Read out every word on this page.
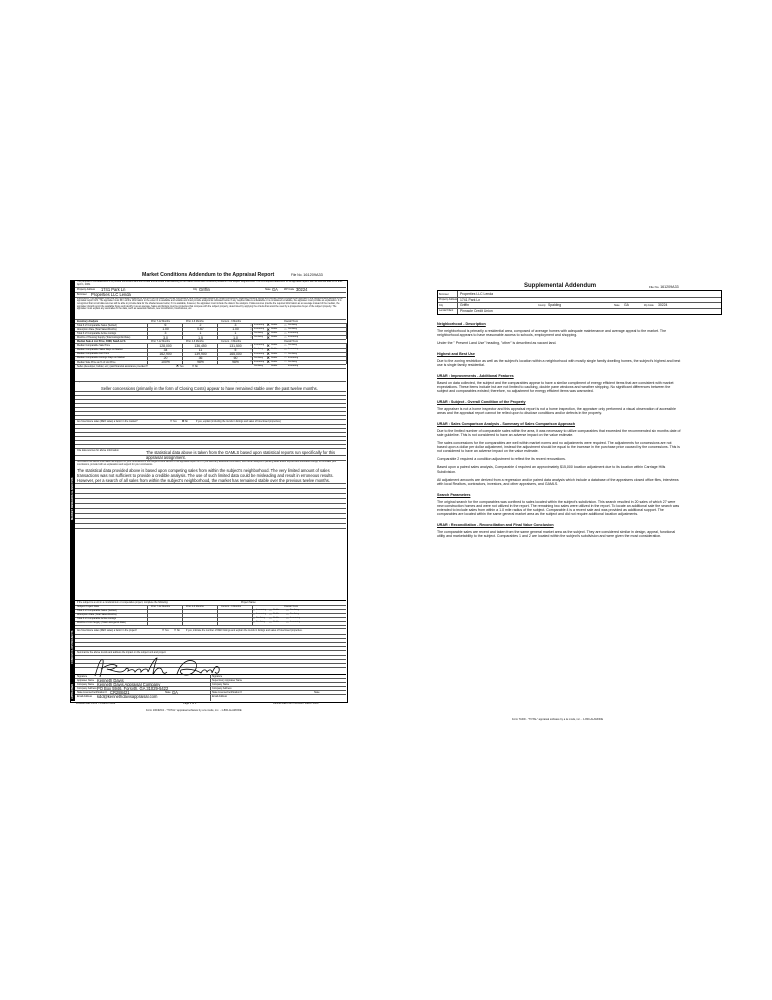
Market Conditions Addendum to the Appraisal Report	File No. 161209A33
MARKET RESEARCH & ANALYSIS
CONDO/CO-OP PROJECTS
APPRAISER
The purpose of this addendum is to provide the lender/client with a clear and accurate understanding of the market trends and conditions prevalent in the subject neighborhood. This is a required addendum for all appraisal reports with an effective date on or after April 1, 2009.
Property Address 1741 Park Ln	City Griffin	State GA	ZIP Code 30224
Borrower Properties LLC Lenda
Instructions: The appraiser must use the information required on this form as the basis for his/her conclusions, and must provide support for those conclusions, regarding housing trends and overall market conditions as reported in the Neighborhood section of the appraisal report form. The appraiser must fill in all the information to the extent it is available and reliable and must provide analysis as indicated below. If any required data is unavailable or is considered unreliable, the appraiser must provide an explanation. It is recognized that not all data sources will be able to provide data for the shaded areas below; if it is available, however, the appraiser must include the data in the analysis. If data sources provide the required information as an average instead of the median, the appraiser should report the available figure and identify it as an average. Sales and listings must be properties that compete with the subject property, determined by applying the criteria that would be used by a prospective buyer of the subject property. The appraiser must explain any anomalies in the data, such as seasonal markets, new construction, foreclosures, etc.
Explain in detail the seller concessions trends for the past 12 months (e.g., seller contributions increased from 3% to 5%, increasing use of buydowns, closing costs, condo fees, options, etc.).
Seller concessions (primarily in the form of Closing Costs) appear to have remained stable over the past twelve months.
Are foreclosure sales (REO sales) a factor in the market?	☐ Yes ☒ No	If yes, explain (including the trends in listings and sales of foreclosed properties).
Cite data sources for above information.	The statistical data above is taken from the GAMLS based upon statistical reports run specifically for this appraisal assignment.
Summarize the above information as support for your conclusions in the Neighborhood section of the appraisal report form. If you used any additional information, such as an analysis of pending sales and/or expired and withdrawn listings, to formulate your conclusions, provide both an explanation and support for your conclusions.
The statistical data provided above is based upon competing sales from within the subject's neighborhood. The very limited amount of sales transactions was not sufficient to provide a credible analysis. The use of such limited data could be misleading and result in erroneous results. However, per a search of all sales from within the subject's neighborhood, the market has remained stable over the previous twelve months.
If the subject is a unit in a condominium or cooperative project, complete the following:	Project Name:
Are foreclosure sales (REO sales) a factor in the project?	☐ Yes ☐ No	If yes, indicate the number of REO listings and explain the trends in listings and sales of foreclosed properties.
Summarize the above trends and address the impact on the subject unit and project.
Signature
Appraiser Name Kenneth Davis
Company Name Kenneth Davis Appraisal Company
Company Address PO Box 5946, Forsyth, GA 31029-5422
State License/Certification # CR288421	State GA
Email Address kdd@kennethdavisappraisal.com
Signature
Supervisory Appraiser Name
Company Name
Company Address
State License/Certification #	State
Email Address
Freddie Mac Form 71 March 2009	Page 1 of 1	Fannie Mae Form 1004MC March 2009
Form 1004MC2 - "TOTAL" appraisal software by a la mode, inc. - 1-800-ALAMODE
Inventory Analysis	Prior 7-12 Months	Prior 4-6 Months	Current - 3 Months	Overall Trend
Total # of Comparable Sales (Settled)	6	2	3	Increasing
☐	Stable
✕	Declining
☐
Absorption Rate (Total Sales/Months)	1.00	0.67	1.00	Increasing
☐	Stable
✕	Declining
☐
Total # of Comparable Active Listings	3	1	1	Declining
☐	Stable
✕	Increasing
☐
Months of Housing Supply (Total Listings/Ab.Rate)	3.0	1.5	1.0	Declining
☐	Stable
✕	Increasing
☐
Median Sale & List Price, DOM, Sale/List %	Prior 7-12 Months	Prior 4-6 Months	Current - 3 Months	Overall Trend
Median Comparable Sale Price	128,000	136,450	131,500	Increasing
☐	Stable
✕	Declining
☐
Median Comparable Sales Days on Market	34	11	5	Declining
☐	Stable
✕	Increasing
☐
Median Comparable List Price	162,900	139,900	165,000	Increasing
☐	Stable
✕	Declining
☐
Median Comparable Listings Days on Market	20	36	60	Declining
☐	Stable
✕	Increasing
☐
Median Sale Price as % of List Price	100%	98%	98%	Increasing
☐	Stable
✕	Declining
☐
Seller-(developer, builder, etc.) paid financial assistance prevalent?	✕ Yes	☐ No	Declining	Stable	Increasing
Subject Project Data	Prior 7-12 Months	Prior 4-6 Months	Current - 3 Months	Overall Trend
Total # of Comparable Sales (Settled)	Increasing
☐	Stable
☐	Declining
☐
Absorption Rate (Total Sales/Months)	Increasing
☐	Stable
☐	Declining
☐
Total # of Comparable Active Listings	Declining
☐	Stable
☐	Increasing
☐
Months of Unit Supply (Total Listings/Ab.Rate)	Declining
☐	Stable
☐	Increasing
☐
Supplemental Addendum	File No. 161209A33
Borrower	Properties LLC Lenda
Property Address 1741 Park Ln
City	Griffin	County Spalding	State GA	Zip Code 30224
Lender/Client Pinnacle Credit Union
Form TADD - "TOTAL" appraisal software by a la mode, inc. - 1-800-ALAMODE
Neighborhood - Description
The neighborhood is primarily a residential area, composed of average homes with adequate maintenance and average appeal to the market. The neighborhood appears to have reasonable access to schools, employment and shopping.
Under the " Present Land Use" heading, "other" is described as vacant land.
Highest and Best Use
Due to the zoning restriction as well as the subject's location within a neighborhood with mostly single family dwelling homes, the subject's highest and best use is single family residential.
URAR : Improvements - Additional Features
Based on data collected, the subject and the comparables appear to have a similar compliment of energy efficient items that are consistent with market expectations. These items include but are not limited to caulking, double pane windows and weather stripping. No significant differences between the subject and comparables existed; therefore, no adjustment for energy efficient items was warranted.
URAR : Subject - Overall Condition of the Property
The appraiser is not a home inspector and this appraisal report is not a home inspection, the appraiser only performed a visual observation of accessible areas and the appraisal report cannot be relied upon to disclose conditions and/or defects in the property.
URAR : Sales Comparison Analysis - Summary of Sales Comparison Approach
Due to the limited number of comparable sales within the area, it was necessary to utilize comparables that exceeded the recommended six months date of sale guideline. This is not considered to have an adverse impact on the value estimate.
The sales concessions for the comparables are well within market norms and no adjustments were required. The adjustments for concessions are not based upon a dollar per dollar adjustment, instead the adjustment should be equal to the increase in the purchase price caused by the concessions. This is not considered to have an adverse impact on the value estimate.
Comparable 2 required a condition adjustment to reflect the its recent renovations.
Based upon a paired sales analysis, Comparable 4 required an approximately $15,000 location adjustment due to its location within Carriage Hills Subdivision.
All adjustment amounts are derived from a regression and/or paired data analysis which include a database of the appraisers closed office files, interviews with local Realtors, contractors, investors, and other appraisers, and GAMLS.
Search Parameters
The original search for the comparables was confined to sales located within the subject's subdivision. This search resulted in 20 sales of which 27 were new construction homes and were not utilized in the report. The remaining two sales were utilized in the report. To locate an additional sale the search was extended to include sales from within a 1.0 mile radius of the subject. Comparable 4 is a recent sale and was provided as additional support. The comparables are located within the same general market area as the subject and did not require additional location adjustments.
URAR : Reconciliation - Reconciliation and Final Value Conclusion
The comparable sales are recent and taken from the same general market area as the subject. They are considered similar in design, appeal, functional utility and marketability to the subject. Comparables 1 and 2 are located within the subject's subdivision and were given the most consideration.
